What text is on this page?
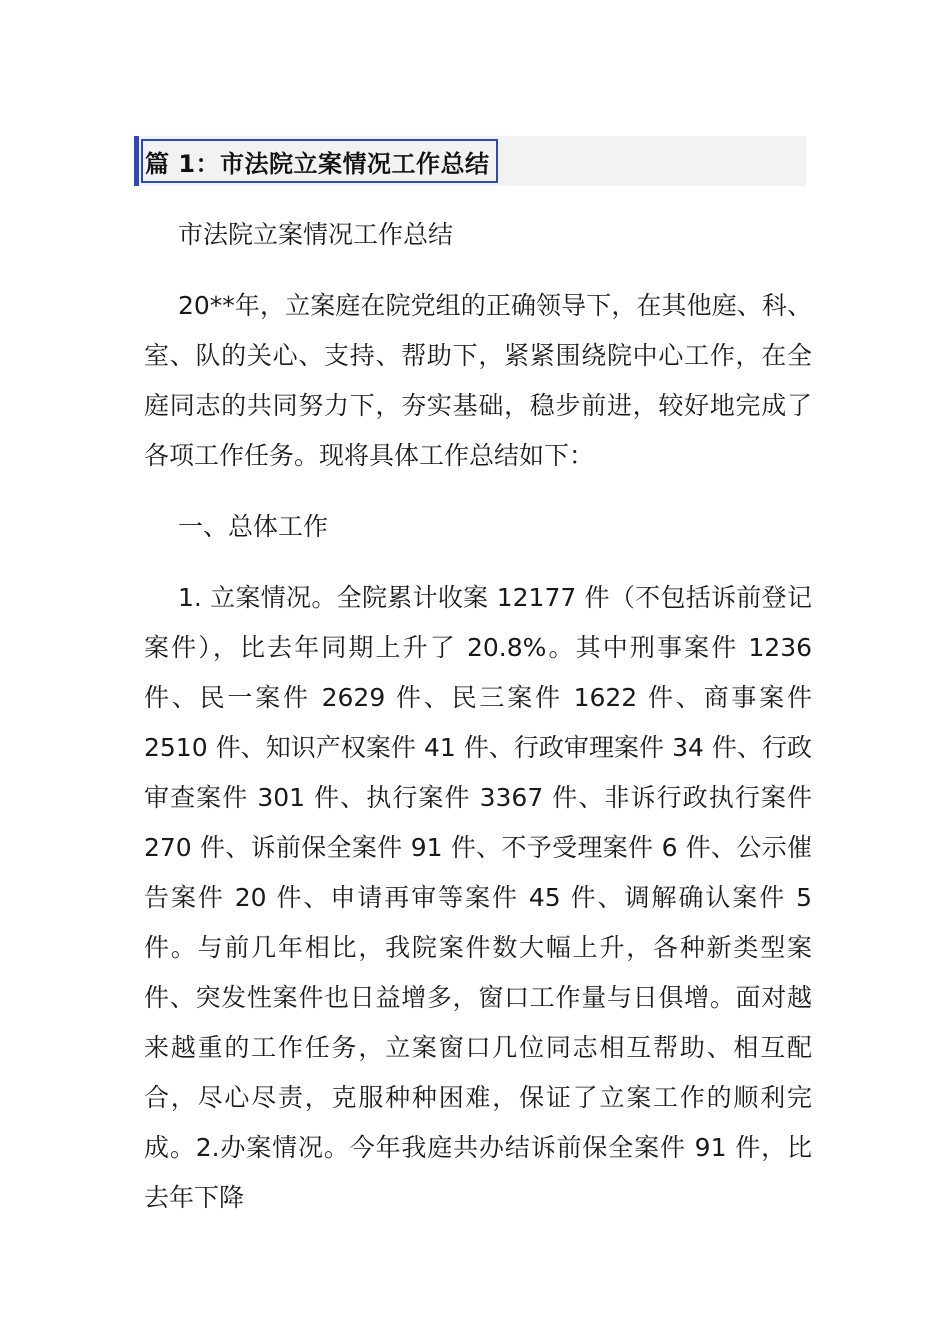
篇 1：市法院立案情况工作总结

市法院立案情况工作总结

20**年，立案庭在院党组的正确领导下，在其他庭、科、室、队的关心、支持、帮助下，紧紧围绕院中心工作，在全庭同志的共同努力下，夯实基础，稳步前进，较好地完成了各项工作任务。现将具体工作总结如下：

一、总体工作

1. 立案情况。全院累计收案 12177 件（不包括诉前登记案件），比去年同期上升了 20.8%。其中刑事案件 1236 件、民一案件 2629 件、民三案件 1622 件、商事案件 2510 件、知识产权案件 41 件、行政审理案件 34 件、行政审查案件 301 件、执行案件 3367 件、非诉行政执行案件 270 件、诉前保全案件 91 件、不予受理案件 6 件、公示催告案件 20 件、申请再审等案件 45 件、调解确认案件 5 件。与前几年相比，我院案件数大幅上升，各种新类型案件、突发性案件也日益增多，窗口工作量与日俱增。面对越来越重的工作任务，立案窗口几位同志相互帮助、相互配合，尽心尽责，克服种种困难，保证了立案工作的顺利完成。2.办案情况。今年我庭共办结诉前保全案件 91 件，比去年下降
